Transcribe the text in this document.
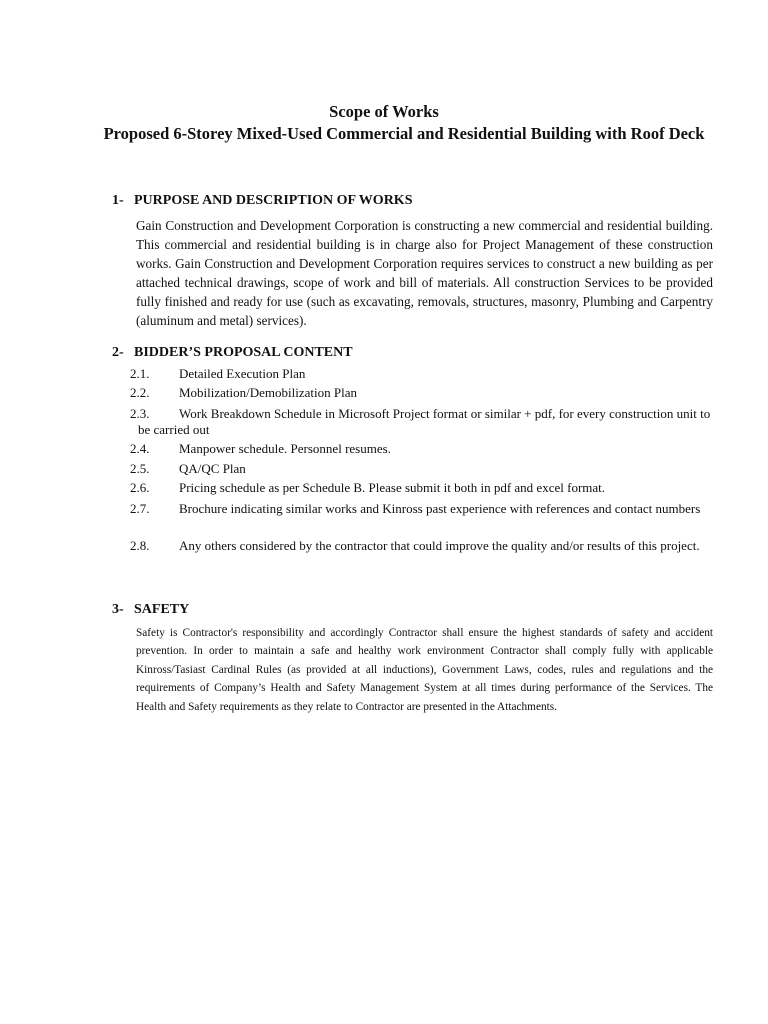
Scope of Works
Proposed 6-Storey Mixed-Used Commercial and Residential Building with Roof Deck
1- PURPOSE AND DESCRIPTION OF WORKS

Gain Construction and Development Corporation is constructing a new commercial and residential building. This commercial and residential building is in charge also for Project Management of these construction works. Gain Construction and Development Corporation requires services to construct a new building as per attached technical drawings, scope of work and bill of materials. All construction Services to be provided fully finished and ready for use (such as excavating, removals, structures, masonry, Plumbing and Carpentry (aluminum and metal) services).

2- BIDDER’S PROPOSAL CONTENT
2.1.	Detailed Execution Plan
2.2.	Mobilization/Demobilization Plan
2.3.	Work Breakdown Schedule in Microsoft Project format or similar + pdf, for every construction unit to be carried out
2.4.	Manpower schedule. Personnel resumes.
2.5.	QA/QC Plan
2.6.	Pricing schedule as per Schedule B. Please submit it both in pdf and excel format.
2.7.	Brochure indicating similar works and Kinross past experience with references and contact numbers
2.8.	Any others considered by the contractor that could improve the quality and/or results of this project.
3- SAFETY

Safety is Contractor's responsibility and accordingly Contractor shall ensure the highest standards of safety and accident prevention. In order to maintain a safe and healthy work environment Contractor shall comply fully with applicable Kinross/Tasiast Cardinal Rules (as provided at all inductions), Government Laws, codes, rules and regulations and the requirements of Company’s Health and Safety Management System at all times during performance of the Services. The Health and Safety requirements as they relate to Contractor are presented in the Attachments.
